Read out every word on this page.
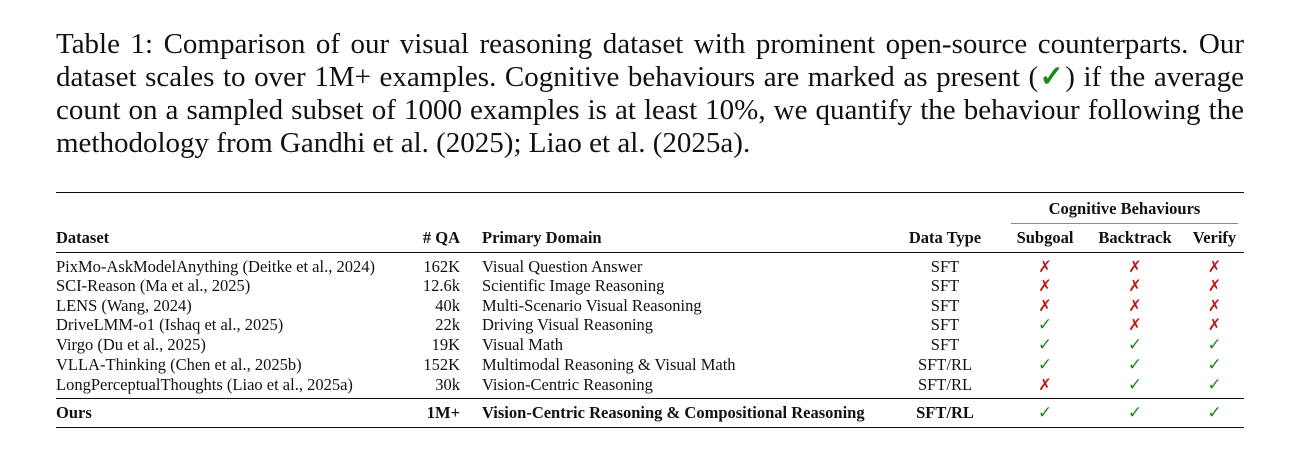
Table 1: Comparison of our visual reasoning dataset with prominent open-source counterparts. Our dataset scales to over 1M+ examples. Cognitive behaviours are marked as present (✓) if the average count on a sampled subset of 1000 examples is at least 10%, we quantify the behaviour following the methodology from Gandhi et al. (2025); Liao et al. (2025a).

				Cognitive Behaviours		

Dataset	# QA	Primary Domain	Data Type	Subgoal	Backtrack	Verify
PixMo-AskModelAnything (Deitke et al., 2024)	162K	Visual Question Answer	SFT	✗	✗	✗
SCI-Reason (Ma et al., 2025)	12.6k	Scientific Image Reasoning	SFT	✗	✗	✗
LENS (Wang, 2024)	40k	Multi-Scenario Visual Reasoning	SFT	✗	✗	✗
DriveLMM-o1 (Ishaq et al., 2025)	22k	Driving Visual Reasoning	SFT	✓	✗	✗
Virgo (Du et al., 2025)	19K	Visual Math	SFT	✓	✓	✓
VLLA-Thinking (Chen et al., 2025b)	152K	Multimodal Reasoning & Visual Math	SFT/RL	✓	✓	✓
LongPerceptualThoughts (Liao et al., 2025a)	30k	Vision-Centric Reasoning	SFT/RL	✗	✓	✓
Ours	1M+	Vision-Centric Reasoning & Compositional Reasoning	SFT/RL	✓	✓	✓
